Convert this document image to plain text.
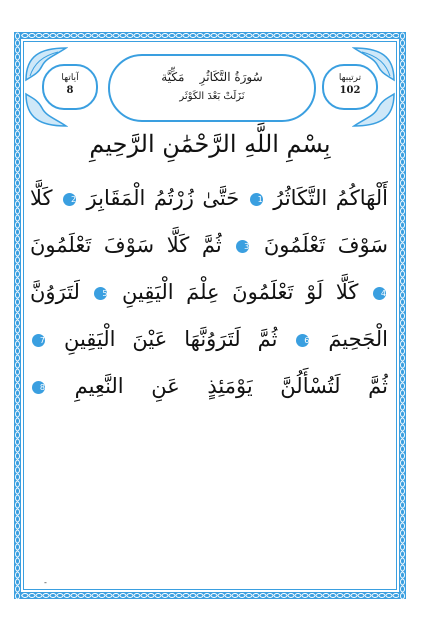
ترتيبها
102
آياتها
8
سُورَةُ التَّكَاثُرِ    مَكِّيَّة
نَزَلَتْ بَعْدَ الكَوْثَر
بِسْمِ اللَّهِ الرَّحْمَٰنِ الرَّحِيمِ
أَلْهَاكُمُ التَّكَاثُرُ 1 حَتَّىٰ زُرْتُمُ الْمَقَابِرَ 2 كَلَّا
سَوْفَ تَعْلَمُونَ 3 ثُمَّ كَلَّا سَوْفَ تَعْلَمُونَ
4 كَلَّا لَوْ تَعْلَمُونَ عِلْمَ الْيَقِينِ 5 لَتَرَوُنَّ
الْجَحِيمَ 6 ثُمَّ لَتَرَوُنَّهَا عَيْنَ الْيَقِينِ 7
ثُمَّ لَتُسْأَلُنَّ يَوْمَئِذٍ عَنِ النَّعِيمِ 8
-
